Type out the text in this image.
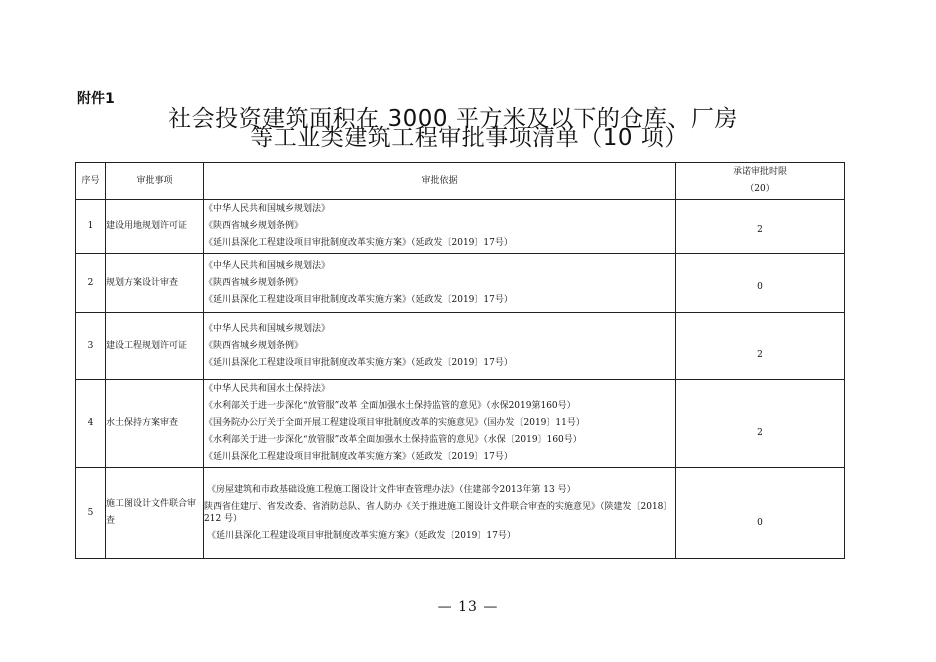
附件1
社会投资建筑面积在 3000 平方米及以下的仓库、厂房
等工业类建筑工程审批事项清单（10 项）
序号	审批事项	审批依据	承诺审批时限
（20）

1	建设用地规划许可证	《中华人民共和国城乡规划法》
《陕西省城乡规划条例》
《延川县深化工程建设项目审批制度改革实施方案》（延政发〔2019〕17号）	2

2	规划方案设计审查	《中华人民共和国城乡规划法》
《陕西省城乡规划条例》
《延川县深化工程建设项目审批制度改革实施方案》（延政发〔2019〕17号）	0

3	建设工程规划许可证	《中华人民共和国城乡规划法》
《陕西省城乡规划条例》
《延川县深化工程建设项目审批制度改革实施方案》（延政发〔2019〕17号）	2

4	水土保持方案审查	《中华人民共和国水土保持法》
《水利部关于进一步深化“放管服”改革 全面加强水土保持监管的意见》（水保2019第160号）
《国务院办公厅关于全面开展工程建设项目审批制度改革的实施意见》（国办发〔2019〕11号）
《水利部关于进一步深化“放管服”改革全面加强水土保持监管的意见》（水保〔2019〕160号）
《延川县深化工程建设项目审批制度改革实施方案》（延政发〔2019〕17号）	2

5	施工图设计文件联合审查	《房屋建筑和市政基础设施工程施工图设计文件审查管理办法》（住建部令2013年第 13 号）
陕西省住建厅、省发改委、省消防总队、省人防办《关于推进施工图设计文件联合审查的实施意见》（陕建发〔2018〕212 号）
《延川县深化工程建设项目审批制度改革实施方案》（延政发〔2019〕17号）	0
— 13 —
